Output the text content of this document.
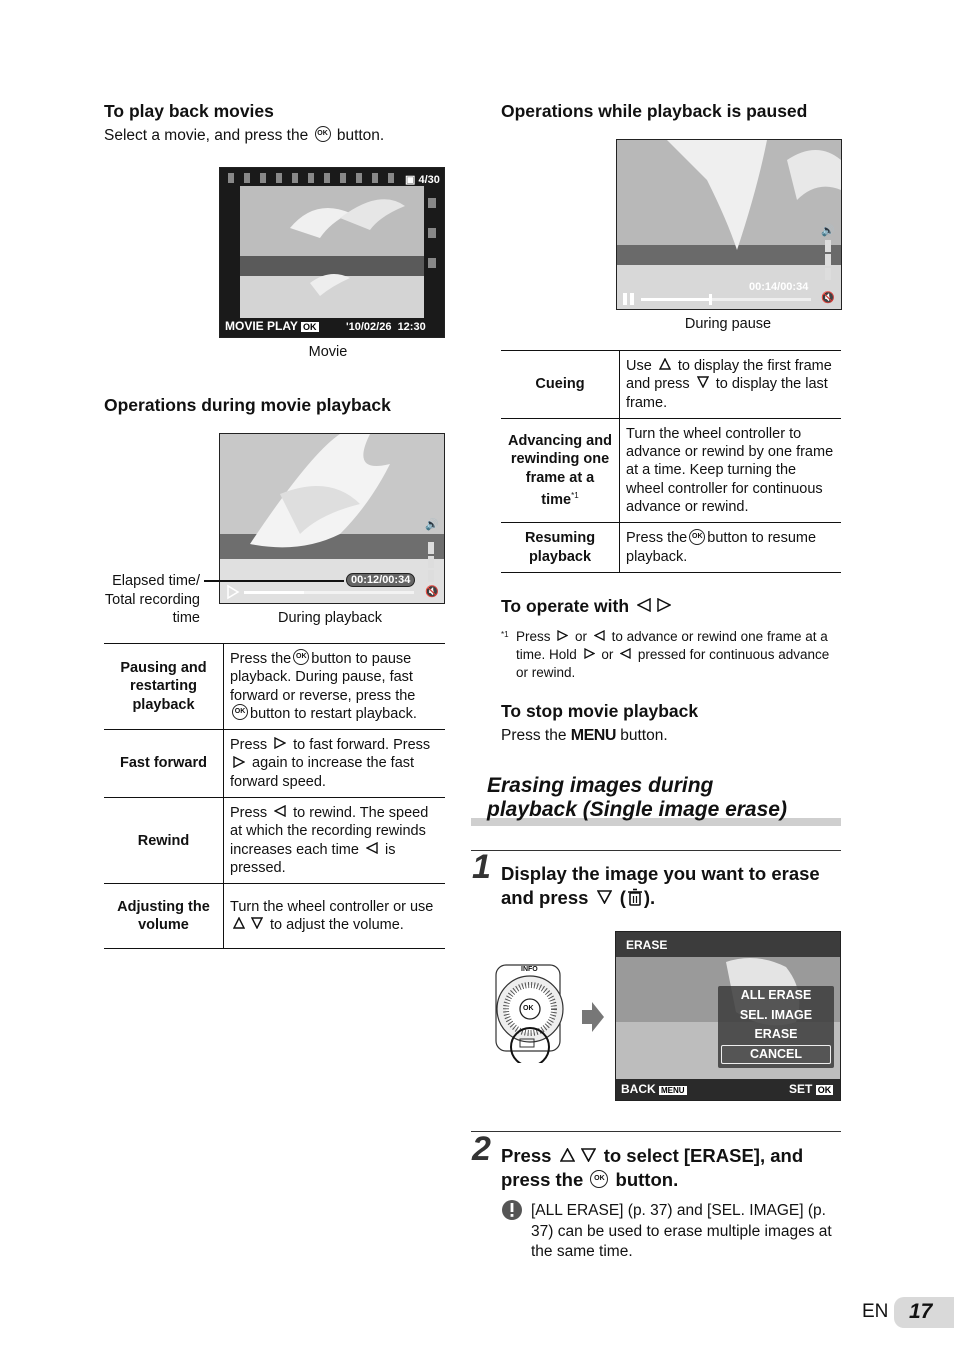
To play back movies
Select a movie, and press the OK button.
▣ 4/30
MOVIE PLAY OK	'10/02/26 12:30
Movie
Operations during movie playback
00:12/00:34
🔊
🔇
Elapsed time/
Total recording
time	During playback
Pausing and restarting playback	Press the OK button to pause playback. During pause, fast forward or reverse, press the OK button to restart playback.
Fast forward	Press to fast forward. Press  again to increase the fast forward speed.
Rewind	Press to rewind. The speed at which the recording rewinds increases each time is pressed.
Adjusting the volume	Turn the wheel controller or use  to adjust the volume.
Operations while playback is paused
00:14/00:34
🔊
🔇
During pause
Cueing	Use to display the first frame and press to display the last frame.
Advancing and rewinding one frame at a time$^{*1}$	Turn the wheel controller to advance or rewind by one frame at a time. Keep turning the wheel controller for continuous advance or rewind.
Resuming playback	Press the OK button to resume playback.
To operate with
*1 Press or to advance or rewind one frame at a time. Hold or pressed for continuous advance or rewind.
To stop movie playback
Press the MENU button.
Erasing images during
playback (Single image erase)
1 Display the image you want to erase and press ( ).
INFO
OK
ERASE
ALL ERASE
SEL. IMAGE
ERASE
CANCEL
BACK MENU	SET OK
2 Press	to select [ERASE], and press the OK button.
[ALL ERASE] (p. 37) and [SEL. IMAGE] (p. 37) can be used to erase multiple images at the same time.
EN 17
